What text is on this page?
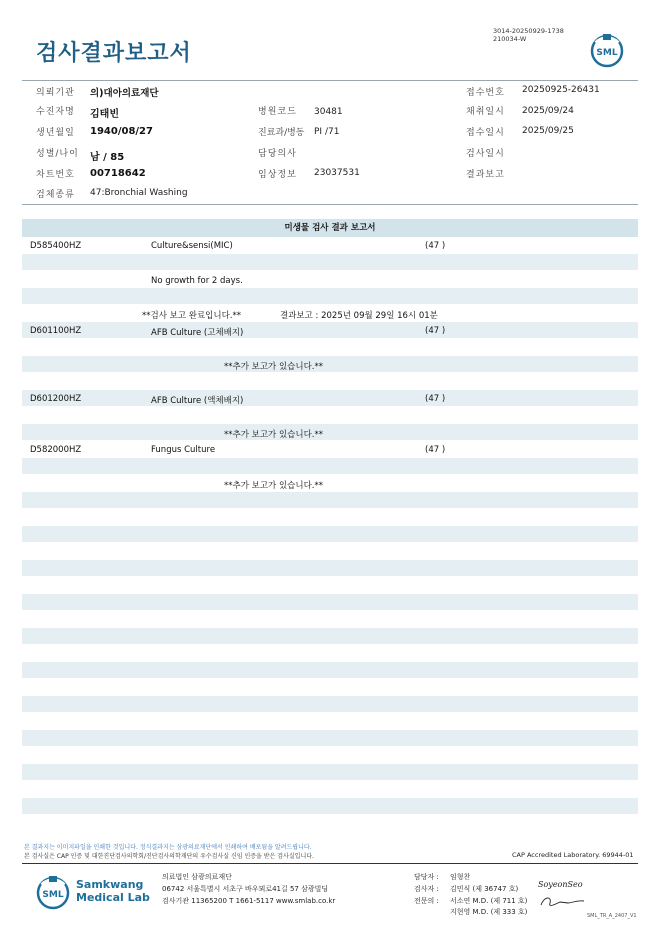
검사결과보고서
3014-20250929-1738
210034-W
SML
의뢰기관 의)대아의료재단	접수번호 20250925-26431
수진자명 김태빈	병원코드 30481	채취일시 2025/09/24
생년월일 1940/08/27	진료과/병동 PI /71	접수일시 2025/09/25
성별/나이 남 / 85	담당의사	검사일시
차트번호 00718642	임상정보 23037531	결과보고
검체종류 47:Bronchial Washing
미생물 검사 결과 보고서
D585400HZ	Culture&sensi(MIC)	(47 )
No growth for 2 days.
**검사 보고 완료입니다.**	결과보고 : 2025년 09월 29일 16시 01분
D601100HZ	AFB Culture (고체배지)	(47 )
**추가 보고가 있습니다.**
D601200HZ	AFB Culture (액체배지)	(47 )
**추가 보고가 있습니다.**
D582000HZ	Fungus Culture	(47 )
**추가 보고가 있습니다.**
본 결과지는 이미지파일을 인쇄한 것입니다. 정식결과지는 삼광의료재단에서 인쇄하여 배포됨을 알려드립니다.
본 검사실은 CAP 인증 및 대한진단검사의학회/진단검사의학재단의 우수검사실 신임 인증을 받은 검사실입니다.	CAP Accredited Laboratory. 69944-01
SML
Samkwang
Medical Lab
의료법인 삼광의료재단
06742 서울특별시 서초구 바우뫼로41길 57 삼광빌딩
검사기관 11365200 T 1661-5117 www.smlab.co.kr
담당자 : 임형찬
검사자 : 김민식 (제 36747 호)
전문의 : 서소연 M.D. (제 711 호)
지현영 M.D. (제 333 호)
SoyeonSeo
SML_TR_A_2407_V1
